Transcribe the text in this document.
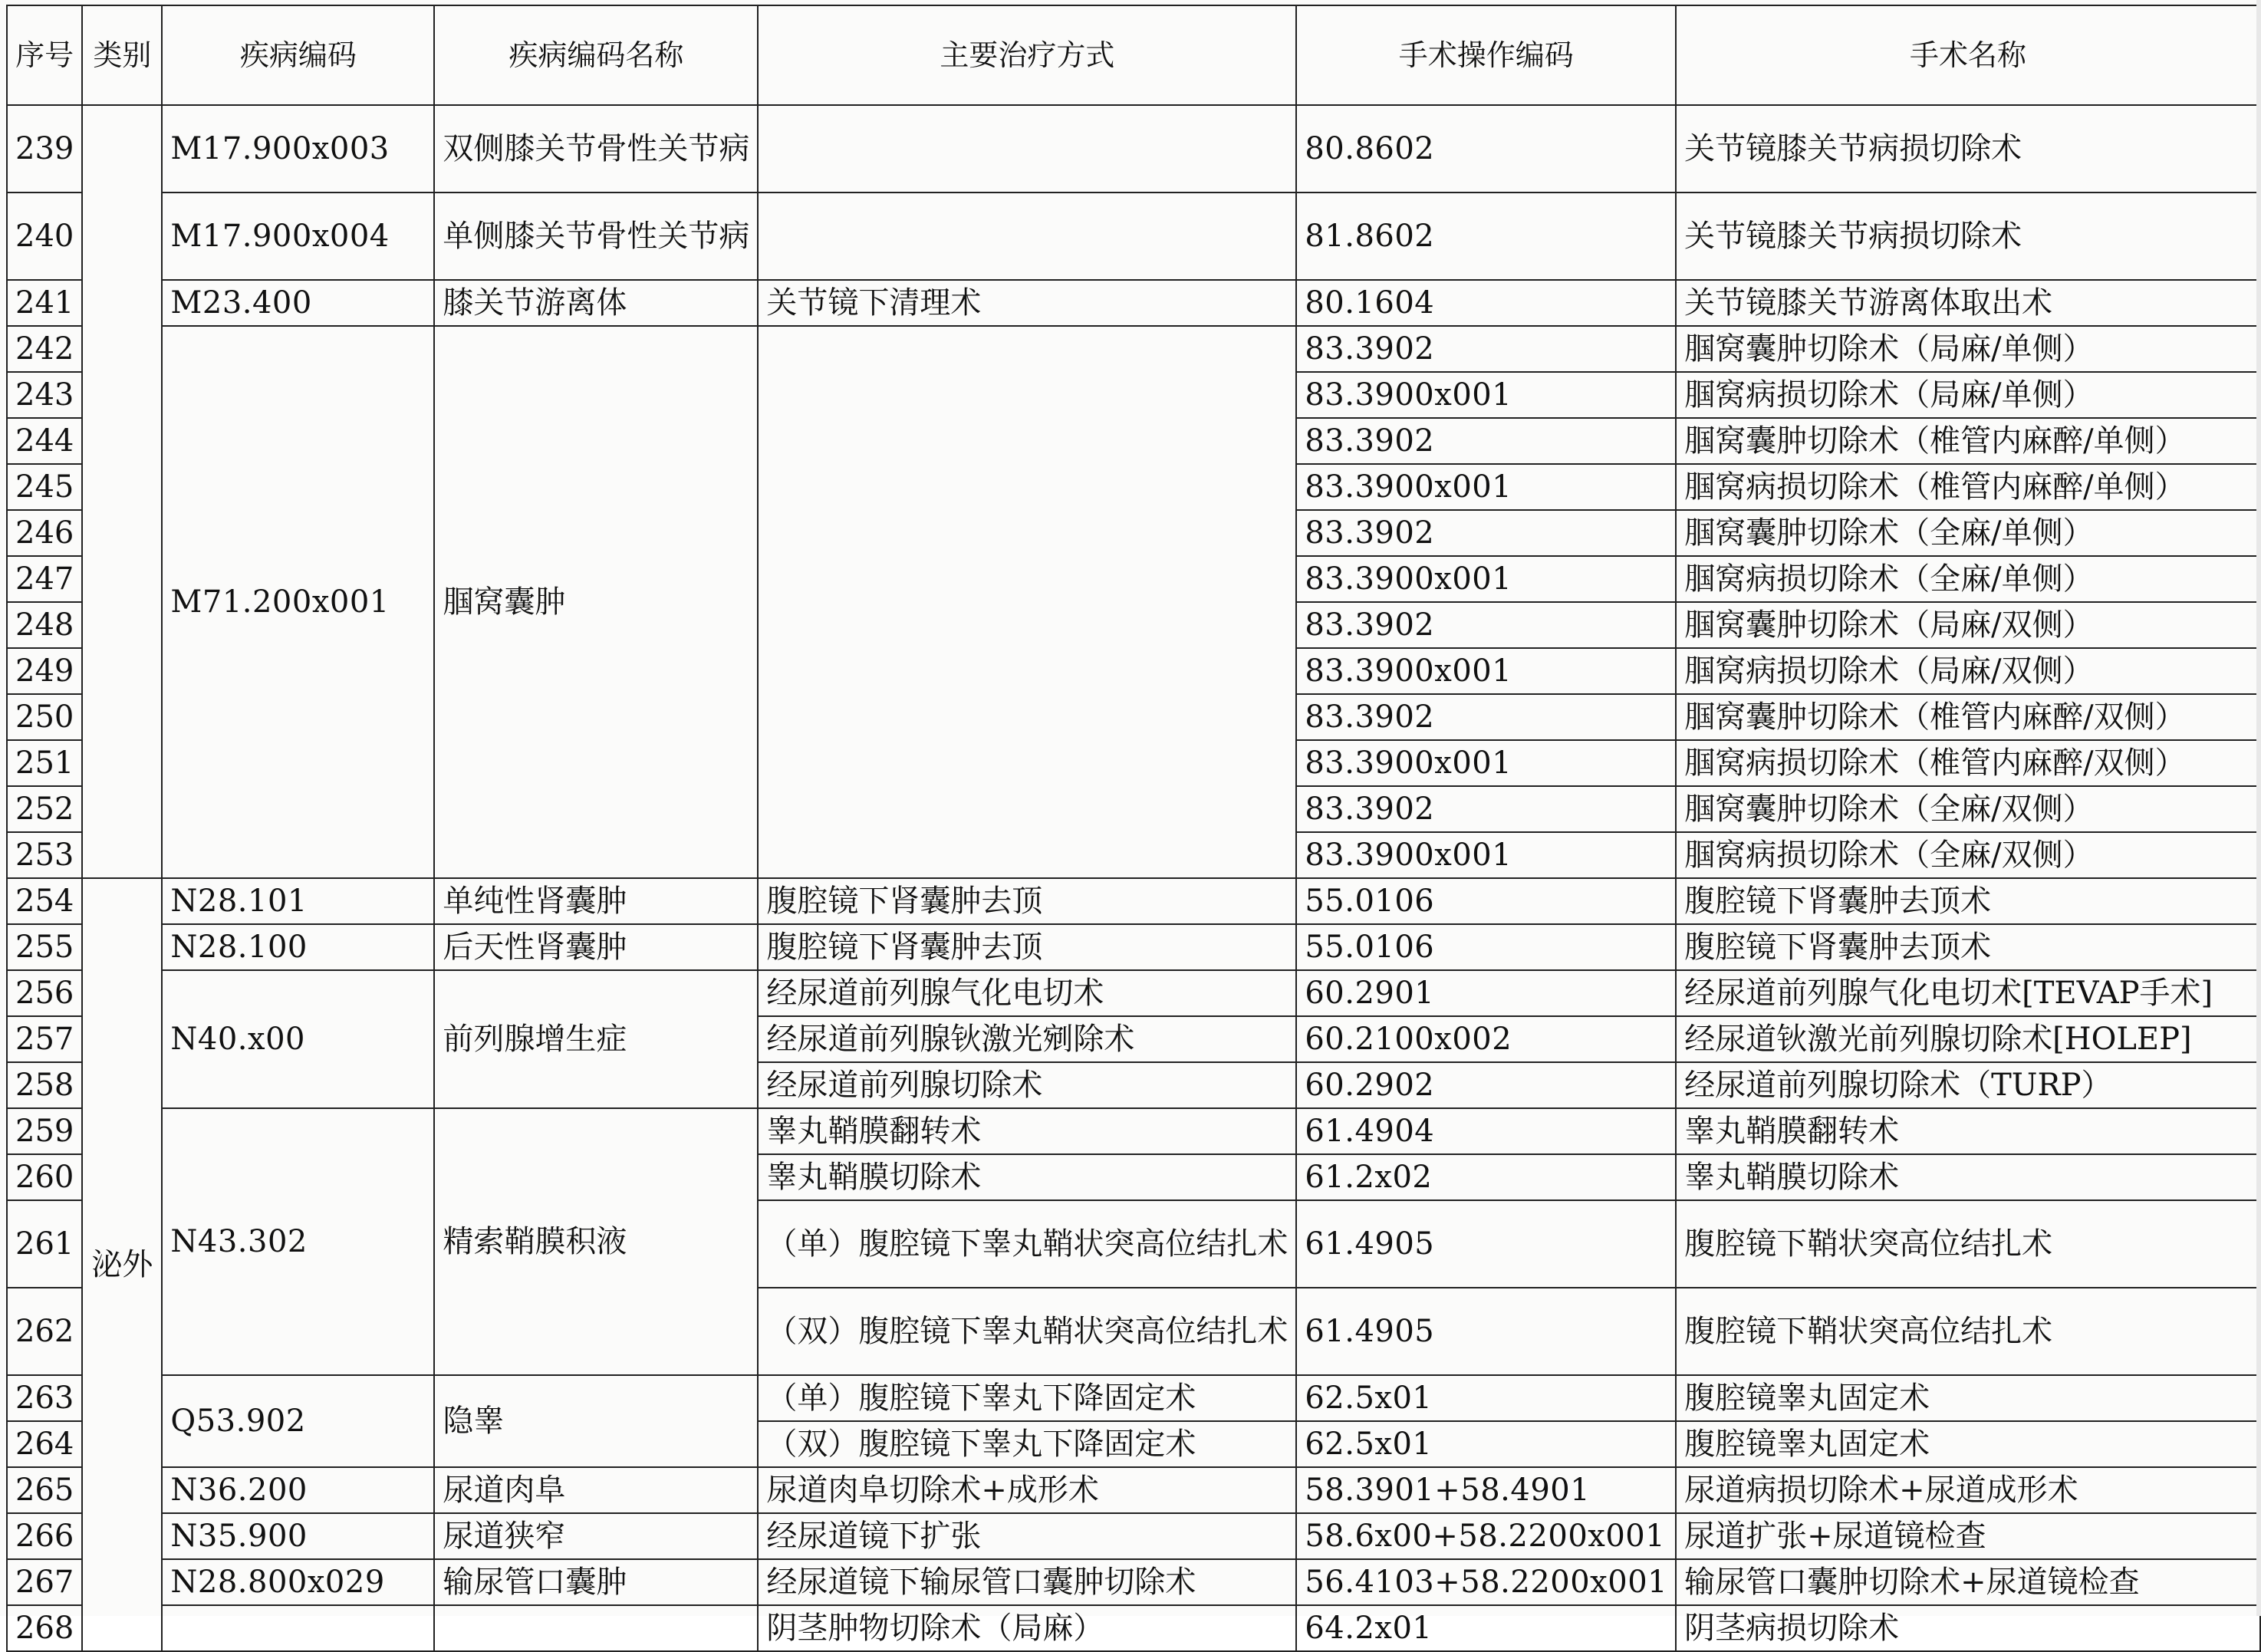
序号	类别	疾病编码	疾病编码名称	主要治疗方式	手术操作编码	手术名称
239		M17.900x003	双侧膝关节骨性关节病		80.8602	关节镜膝关节病损切除术
240		M17.900x004	单侧膝关节骨性关节病		81.8602	关节镜膝关节病损切除术
241		M23.400	膝关节游离体	关节镜下清理术	80.1604	关节镜膝关节游离体取出术
242		M71.200x001	腘窝囊肿		83.3902	腘窝囊肿切除术（局麻/单侧）
243					83.3900x001	腘窝病损切除术（局麻/单侧）
244					83.3902	腘窝囊肿切除术（椎管内麻醉/单侧）
245					83.3900x001	腘窝病损切除术（椎管内麻醉/单侧）
246					83.3902	腘窝囊肿切除术（全麻/单侧）
247					83.3900x001	腘窝病损切除术（全麻/单侧）
248					83.3902	腘窝囊肿切除术（局麻/双侧）
249					83.3900x001	腘窝病损切除术（局麻/双侧）
250					83.3902	腘窝囊肿切除术（椎管内麻醉/双侧）
251					83.3900x001	腘窝病损切除术（椎管内麻醉/双侧）
252					83.3902	腘窝囊肿切除术（全麻/双侧）
253					83.3900x001	腘窝病损切除术（全麻/双侧）
254	泌外	N28.101	单纯性肾囊肿	腹腔镜下肾囊肿去顶	55.0106	腹腔镜下肾囊肿去顶术
255		N28.100	后天性肾囊肿	腹腔镜下肾囊肿去顶	55.0106	腹腔镜下肾囊肿去顶术
256		N40.x00	前列腺增生症	经尿道前列腺气化电切术	60.2901	经尿道前列腺气化电切术[TEVAP手术]
257				经尿道前列腺钬激光剜除术	60.2100x002	经尿道钬激光前列腺切除术[HOLEP]
258				经尿道前列腺切除术	60.2902	经尿道前列腺切除术（TURP）
259		N43.302	精索鞘膜积液	睾丸鞘膜翻转术	61.4904	睾丸鞘膜翻转术
260				睾丸鞘膜切除术	61.2x02	睾丸鞘膜切除术
261				（单）腹腔镜下睾丸鞘状突高位结扎术	61.4905	腹腔镜下鞘状突高位结扎术
262				（双）腹腔镜下睾丸鞘状突高位结扎术	61.4905	腹腔镜下鞘状突高位结扎术
263		Q53.902	隐睾	（单）腹腔镜下睾丸下降固定术	62.5x01	腹腔镜睾丸固定术
264				（双）腹腔镜下睾丸下降固定术	62.5x01	腹腔镜睾丸固定术
265		N36.200	尿道肉阜	尿道肉阜切除术+成形术	58.3901+58.4901	尿道病损切除术+尿道成形术
266		N35.900	尿道狭窄	经尿道镜下扩张	58.6x00+58.2200x001	尿道扩张+尿道镜检查
267		N28.800x029	输尿管口囊肿	经尿道镜下输尿管口囊肿切除术	56.4103+58.2200x001	输尿管口囊肿切除术+尿道镜检查
268				阴茎肿物切除术（局麻）	64.2x01	阴茎病损切除术
